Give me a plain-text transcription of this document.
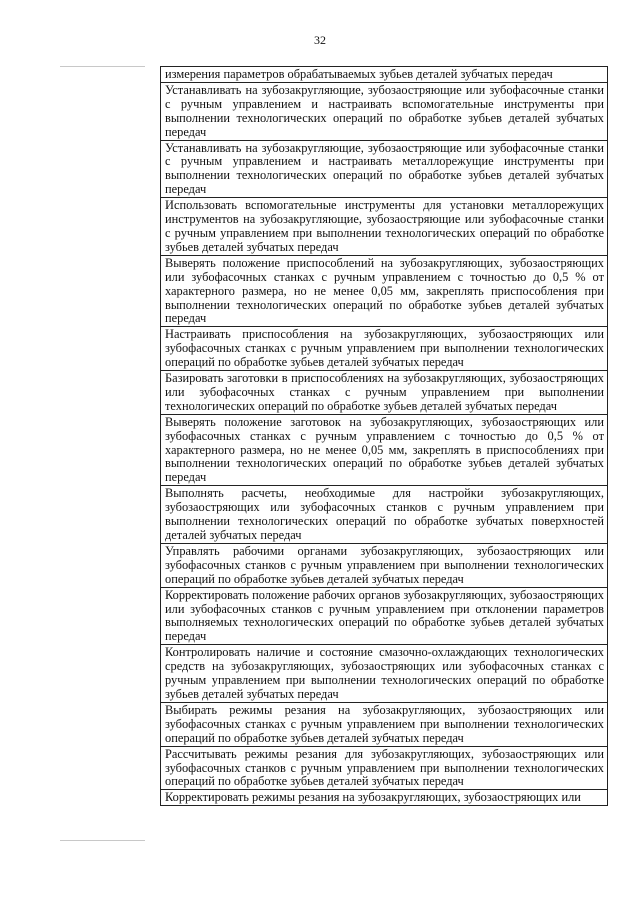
32
измерения параметров обрабатываемых зубьев деталей зубчатых передач
Устанавливать на зубозакругляющие, зубозаостряющие или зубофасочные станки с ручным управлением и настраивать вспомогательные инструменты при выполнении технологических операций по обработке зубьев деталей зубчатых передач
Устанавливать на зубозакругляющие, зубозаостряющие или зубофасочные станки с ручным управлением и настраивать металлорежущие инструменты при выполнении технологических операций по обработке зубьев деталей зубчатых передач
Использовать вспомогательные инструменты для установки металлорежущих инструментов на зубозакругляющие, зубозаостряющие или зубофасочные станки с ручным управлением при выполнении технологических операций по обработке зубьев деталей зубчатых передач
Выверять положение приспособлений на зубозакругляющих, зубозаостряющих или зубофасочных станках с ручным управлением с точностью до 0,5 % от характерного размера, но не менее 0,05 мм, закреплять приспособления при выполнении технологических операций по обработке зубьев деталей зубчатых передач
Настраивать приспособления на зубозакругляющих, зубозаостряющих или зубофасочных станках с ручным управлением при выполнении технологических операций по обработке зубьев деталей зубчатых передач
Базировать заготовки в приспособлениях на зубозакругляющих, зубозаостряющих или зубофасочных станках с ручным управлением при выполнении технологических операций по обработке зубьев деталей зубчатых передач
Выверять положение заготовок на зубозакругляющих, зубозаостряющих или зубофасочных станках с ручным управлением с точностью до 0,5 % от характерного размера, но не менее 0,05 мм, закреплять в приспособлениях при выполнении технологических операций по обработке зубьев деталей зубчатых передач
Выполнять расчеты, необходимые для настройки зубозакругляющих, зубозаостряющих или зубофасочных станков с ручным управлением при выполнении технологических операций по обработке зубчатых поверхностей деталей зубчатых передач
Управлять рабочими органами зубозакругляющих, зубозаостряющих или зубофасочных станков с ручным управлением при выполнении технологических операций по обработке зубьев деталей зубчатых передач
Корректировать положение рабочих органов зубозакругляющих, зубозаостряющих или зубофасочных станков с ручным управлением при отклонении параметров выполняемых технологических операций по обработке зубьев деталей зубчатых передач
Контролировать наличие и состояние смазочно-охлаждающих технологических средств на зубозакругляющих, зубозаостряющих или зубофасочных станках с ручным управлением при выполнении технологических операций по обработке зубьев деталей зубчатых передач
Выбирать режимы резания на зубозакругляющих, зубозаостряющих или зубофасочных станках с ручным управлением при выполнении технологических операций по обработке зубьев деталей зубчатых передач
Рассчитывать режимы резания для зубозакругляющих, зубозаостряющих или зубофасочных станков с ручным управлением при выполнении технологических операций по обработке зубьев деталей зубчатых передач
Корректировать режимы резания на зубозакругляющих, зубозаостряющих или
